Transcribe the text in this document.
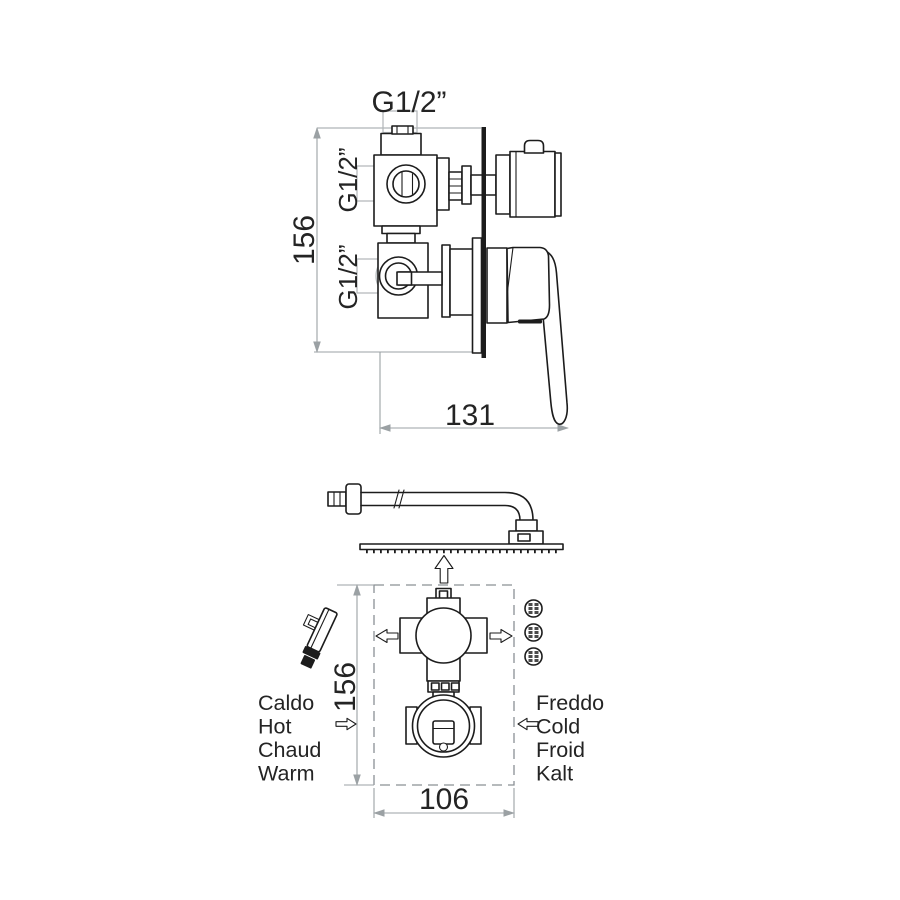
G1/2”
G1/2”
G1/2”
156
131
156
106
Caldo
Hot
Chaud
Warm
Freddo
Cold
Froid
Kalt
